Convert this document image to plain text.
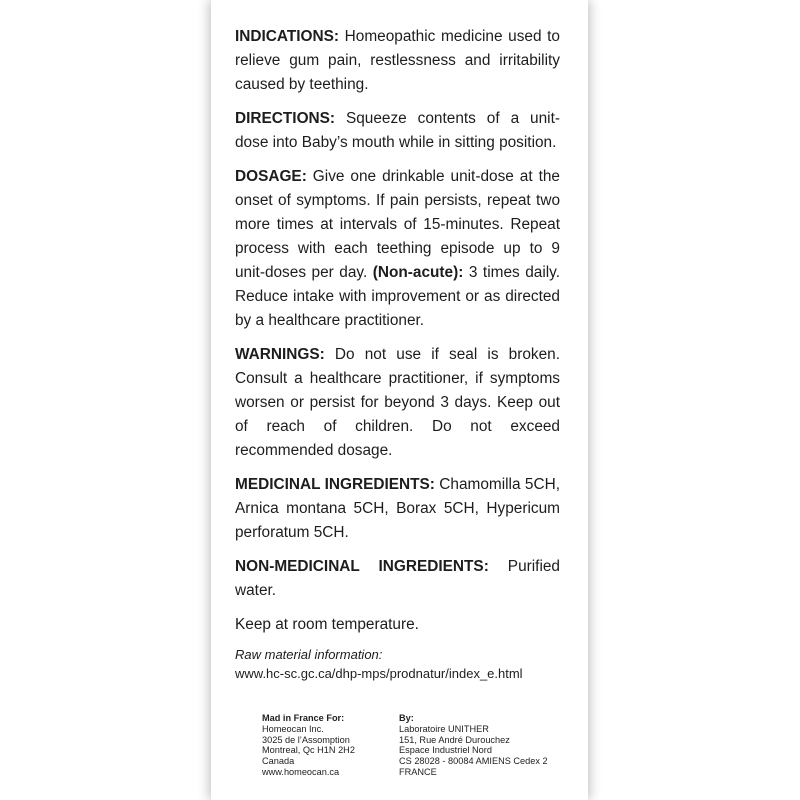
INDICATIONS: Homeopathic medicine used to relieve gum pain, restlessness and irritability caused by teething.

DIRECTIONS: Squeeze contents of a unit-dose into Baby’s mouth while in sitting position.

DOSAGE: Give one drinkable unit-dose at the onset of symptoms. If pain persists, repeat two more times at intervals of 15-minutes. Repeat process with each teething episode up to 9 unit-doses per day. (Non-acute): 3 times daily. Reduce intake with improvement or as directed by a healthcare practitioner.

WARNINGS: Do not use if seal is broken. Consult a healthcare practitioner, if symptoms worsen or persist for beyond 3 days. Keep out of reach of children. Do not exceed recommended dosage.

MEDICINAL INGREDIENTS: Chamomilla 5CH, Arnica montana 5CH, Borax 5CH, Hypericum perforatum 5CH.

NON-MEDICINAL INGREDIENTS: Purified water.

Keep at room temperature.

Raw material information:
www.hc-sc.gc.ca/dhp-mps/prodnatur/index_e.html
Mad in France For:
Homeocan Inc.
3025 de l’Assomption
Montreal, Qc H1N 2H2
Canada
www.homeocan.ca
By:
Laboratoire UNITHER
151, Rue André Durouchez
Espace Industriel Nord
CS 28028 - 80084 AMIENS Cedex 2
FRANCE
